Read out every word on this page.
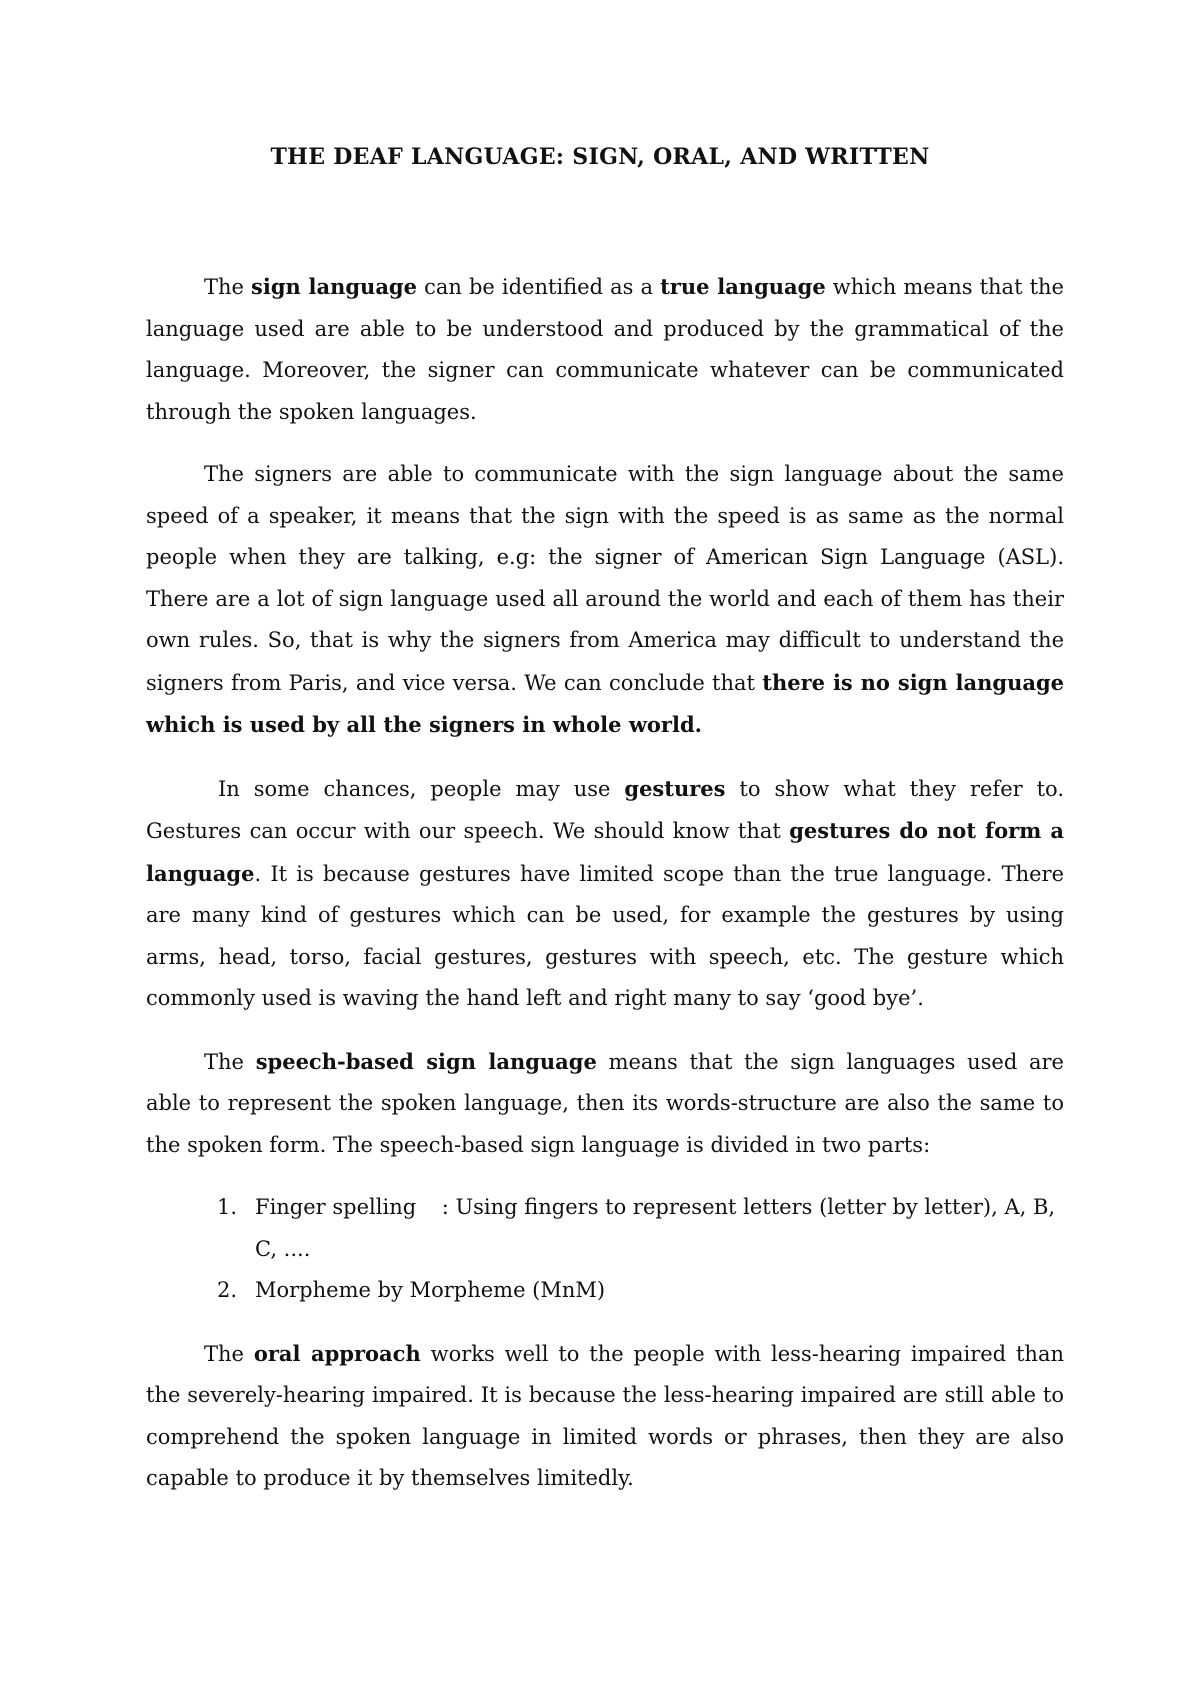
THE DEAF LANGUAGE: SIGN, ORAL, AND WRITTEN

The sign language can be identified as a true language which means that the language used are able to be understood and produced by the grammatical of the language. Moreover, the signer can communicate whatever can be communicated through the spoken languages.

The signers are able to communicate with the sign language about the same speed of a speaker, it means that the sign with the speed is as same as the normal people when they are talking, e.g: the signer of American Sign Language (ASL). There are a lot of sign language used all around the world and each of them has their own rules. So, that is why the signers from America may difficult to understand the signers from Paris, and vice versa. We can conclude that there is no sign language which is used by all the signers in whole world.

In some chances, people may use gestures to show what they refer to. Gestures can occur with our speech. We should know that gestures do not form a language. It is because gestures have limited scope than the true language. There are many kind of gestures which can be used, for example the gestures by using arms, head, torso, facial gestures, gestures with speech, etc. The gesture which commonly used is waving the hand left and right many to say ‘good bye’.

The speech-based sign language means that the sign languages used are able to represent the spoken language, then its words-structure are also the same to the spoken form. The speech-based sign language is divided in two parts:

1. Finger spelling : Using fingers to represent letters (letter by letter), A, B, C, ....
2. Morpheme by Morpheme (MnM)

The oral approach works well to the people with less-hearing impaired than the severely-hearing impaired. It is because the less-hearing impaired are still able to comprehend the spoken language in limited words or phrases, then they are also capable to produce it by themselves limitedly.
